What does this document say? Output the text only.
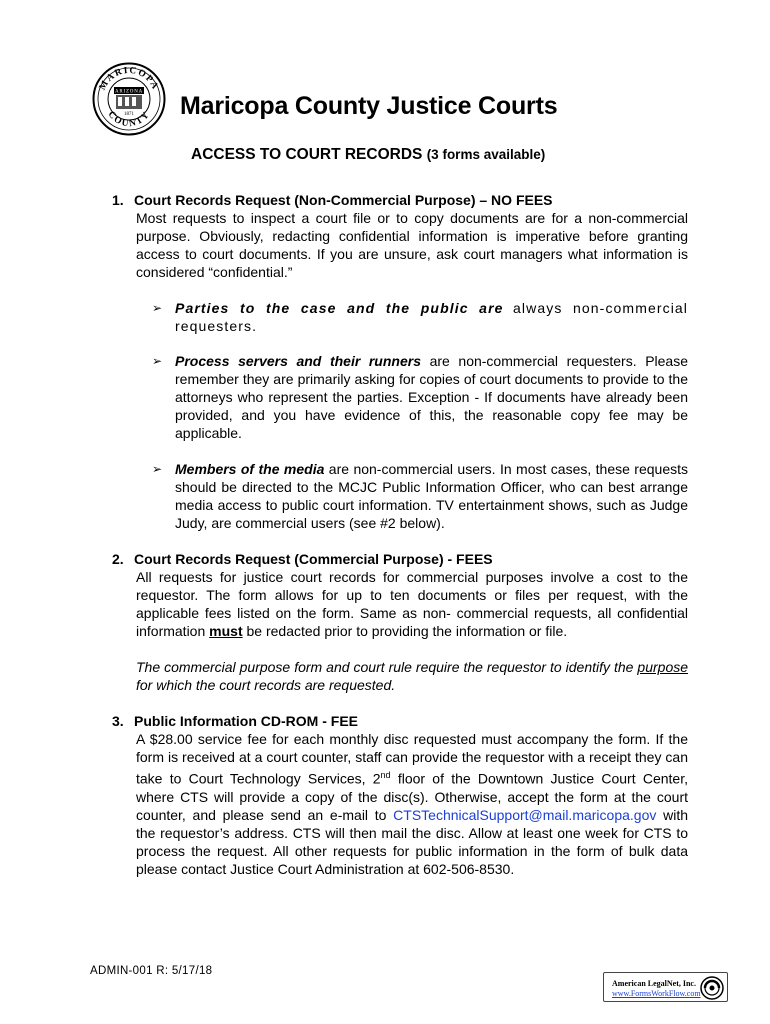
MARICOPA
COUNTY
ARIZONA
1871 Maricopa County Justice Courts
ACCESS TO COURT RECORDS (3 forms available)
1. Court Records Request (Non-Commercial Purpose) – NO FEES
Most requests to inspect a court file or to copy documents are for a non-commercial purpose. Obviously, redacting confidential information is imperative before granting access to court documents. If you are unsure, ask court managers what information is considered “confidential.”
➢ Parties to the case and the public are always non-commercial requesters.
➢ Process servers and their runners are non-commercial requesters. Please remember they are primarily asking for copies of court documents to provide to the attorneys who represent the parties. Exception - If documents have already been provided, and you have evidence of this, the reasonable copy fee may be applicable.
➢ Members of the media are non-commercial users. In most cases, these requests should be directed to the MCJC Public Information Officer, who can best arrange media access to public court information. TV entertainment shows, such as Judge Judy, are commercial users (see #2 below).
2. Court Records Request (Commercial Purpose) - FEES
All requests for justice court records for commercial purposes involve a cost to the requestor. The form allows for up to ten documents or files per request, with the applicable fees listed on the form. Same as non- commercial requests, all confidential information must be redacted prior to providing the information or file.
The commercial purpose form and court rule require the requestor to identify the purpose for which the court records are requested.
3. Public Information CD-ROM - FEE
A $28.00 service fee for each monthly disc requested must accompany the form. If the form is received at a court counter, staff can provide the requestor with a receipt they can take to Court Technology Services, 2nd floor of the Downtown Justice Court Center, where CTS will provide a copy of the disc(s). Otherwise, accept the form at the court counter, and please send an e-mail to CTSTechnicalSupport@mail.maricopa.gov with the requestor’s address. CTS will then mail the disc. Allow at least one week for CTS to process the request. All other requests for public information in the form of bulk data please contact Justice Court Administration at 602-506-8530.
ADMIN-001 R: 5/17/18
American LegalNet, Inc.
www.FormsWorkFlow.com
